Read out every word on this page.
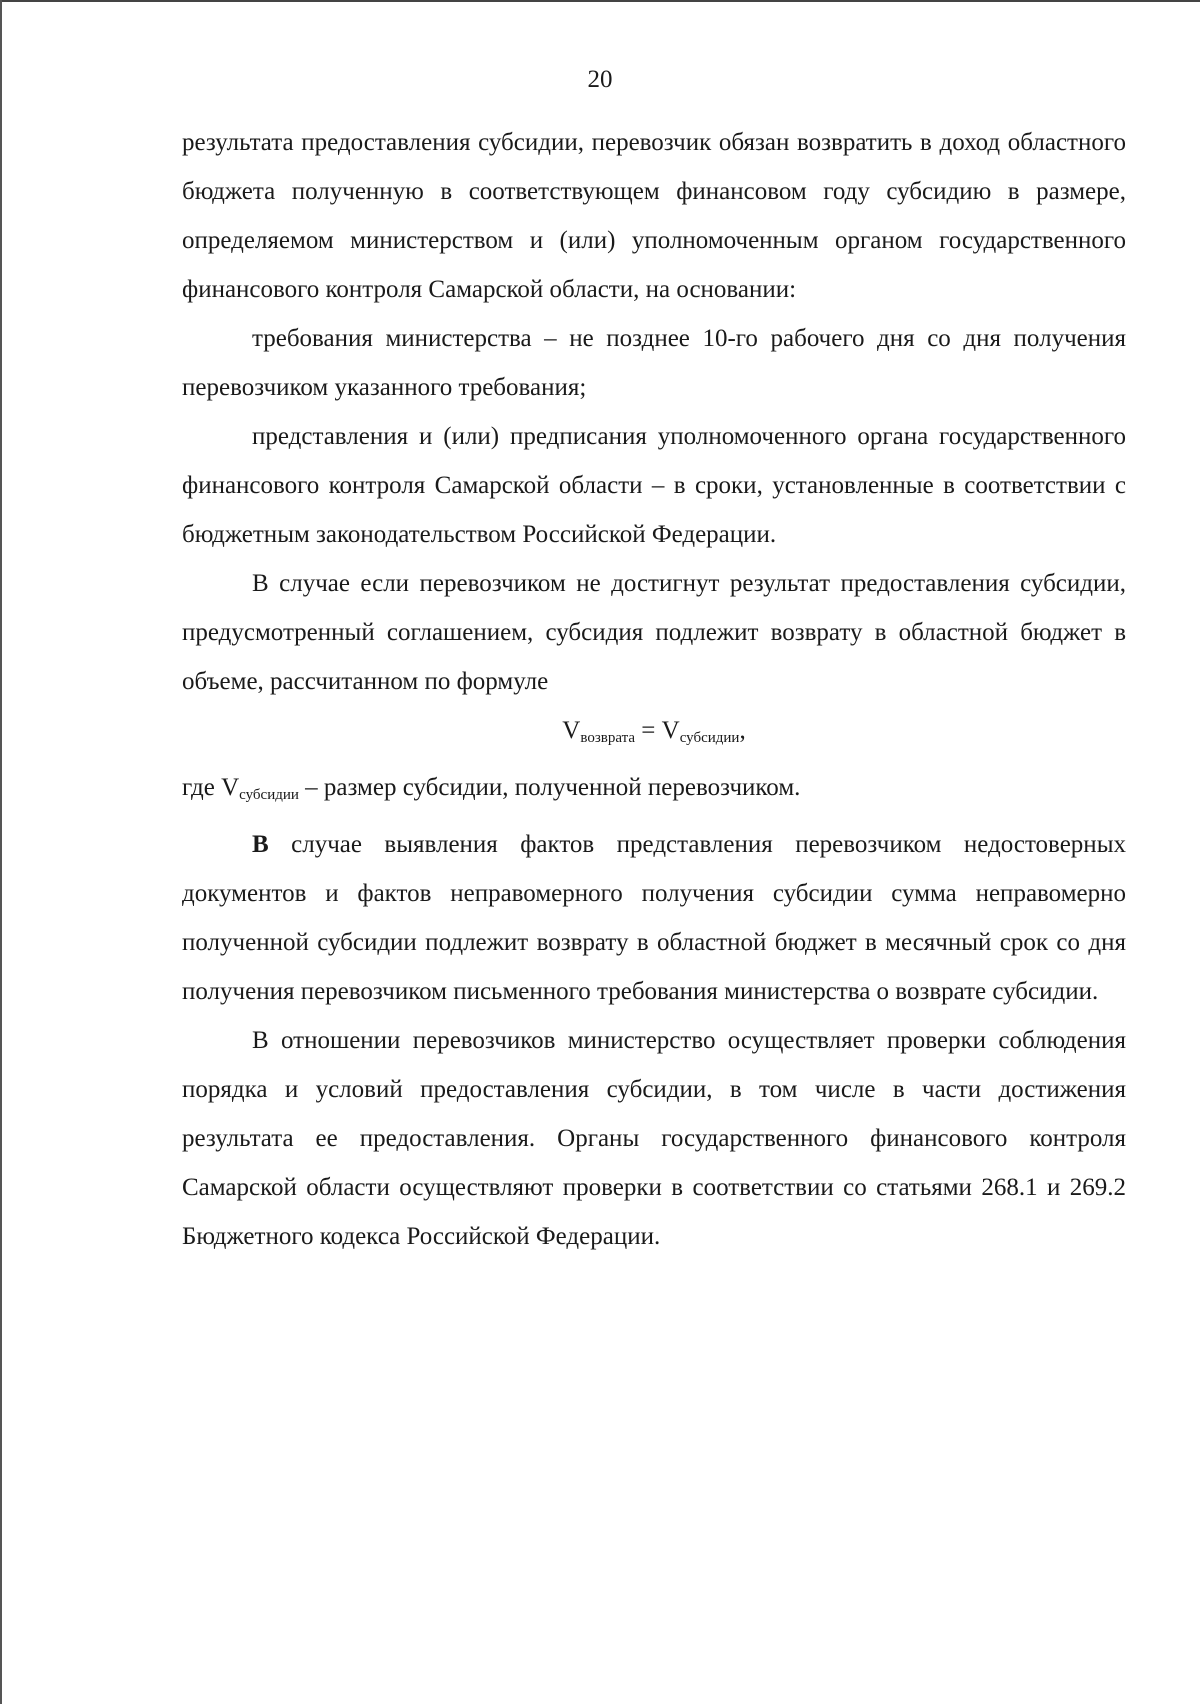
20

результата предоставления субсидии, перевозчик обязан возвратить в доход областного бюджета полученную в соответствующем финансовом году субсидию в размере, определяемом министерством и (или) уполномоченным органом государственного финансового контроля Самарской области, на основании:

требования министерства – не позднее 10-го рабочего дня со дня получения перевозчиком указанного требования;

представления и (или) предписания уполномоченного органа государственного финансового контроля Самарской области – в сроки, установленные в соответствии с бюджетным законодательством Российской Федерации.

В случае если перевозчиком не достигнут результат предоставления субсидии, предусмотренный соглашением, субсидия подлежит возврату в областной бюджет в объеме, рассчитанном по формуле

$V_{возврата} = V_{субсидии}$,

где $V_{субсидии}$ – размер субсидии, полученной перевозчиком.

В случае выявления фактов представления перевозчиком недостоверных документов и фактов неправомерного получения субсидии сумма неправомерно полученной субсидии подлежит возврату в областной бюджет в месячный срок со дня получения перевозчиком письменного требования министерства о возврате субсидии.

В отношении перевозчиков министерство осуществляет проверки соблюдения порядка и условий предоставления субсидии, в том числе в части достижения результата ее предоставления. Органы государственного финансового контроля Самарской области осуществляют проверки в соответствии со статьями 268.1 и 269.2 Бюджетного кодекса Российской Федерации.
